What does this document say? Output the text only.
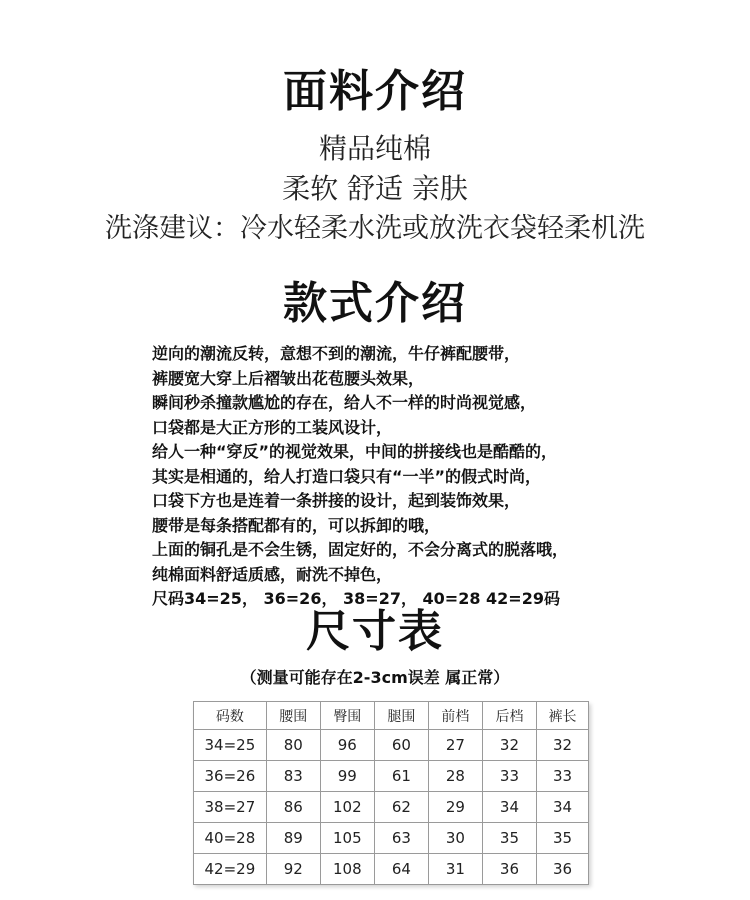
面料介绍
精品纯棉
柔软 舒适 亲肤
洗涤建议：冷水轻柔水洗或放洗衣袋轻柔机洗
款式介绍
逆向的潮流反转，意想不到的潮流，牛仔裤配腰带，
裤腰宽大穿上后褶皱出花苞腰头效果，
瞬间秒杀撞款尴尬的存在，给人不一样的时尚视觉感，
口袋都是大正方形的工装风设计，
给人一种“穿反”的视觉效果，中间的拼接线也是酷酷的，
其实是相通的，给人打造口袋只有“一半”的假式时尚，
口袋下方也是连着一条拼接的设计，起到装饰效果，
腰带是每条搭配都有的，可以拆卸的哦，
上面的铜孔是不会生锈，固定好的，不会分离式的脱落哦，
纯棉面料舒适质感，耐洗不掉色，
尺码34=25， 36=26， 38=27， 40=28 42=29码
尺寸表
（测量可能存在2-3cm误差 属正常）
码数	腰围	臀围	腿围	前档	后档	裤长
34=25	80	96	60	27	32	32
36=26	83	99	61	28	33	33
38=27	86	102	62	29	34	34
40=28	89	105	63	30	35	35
42=29	92	108	64	31	36	36
